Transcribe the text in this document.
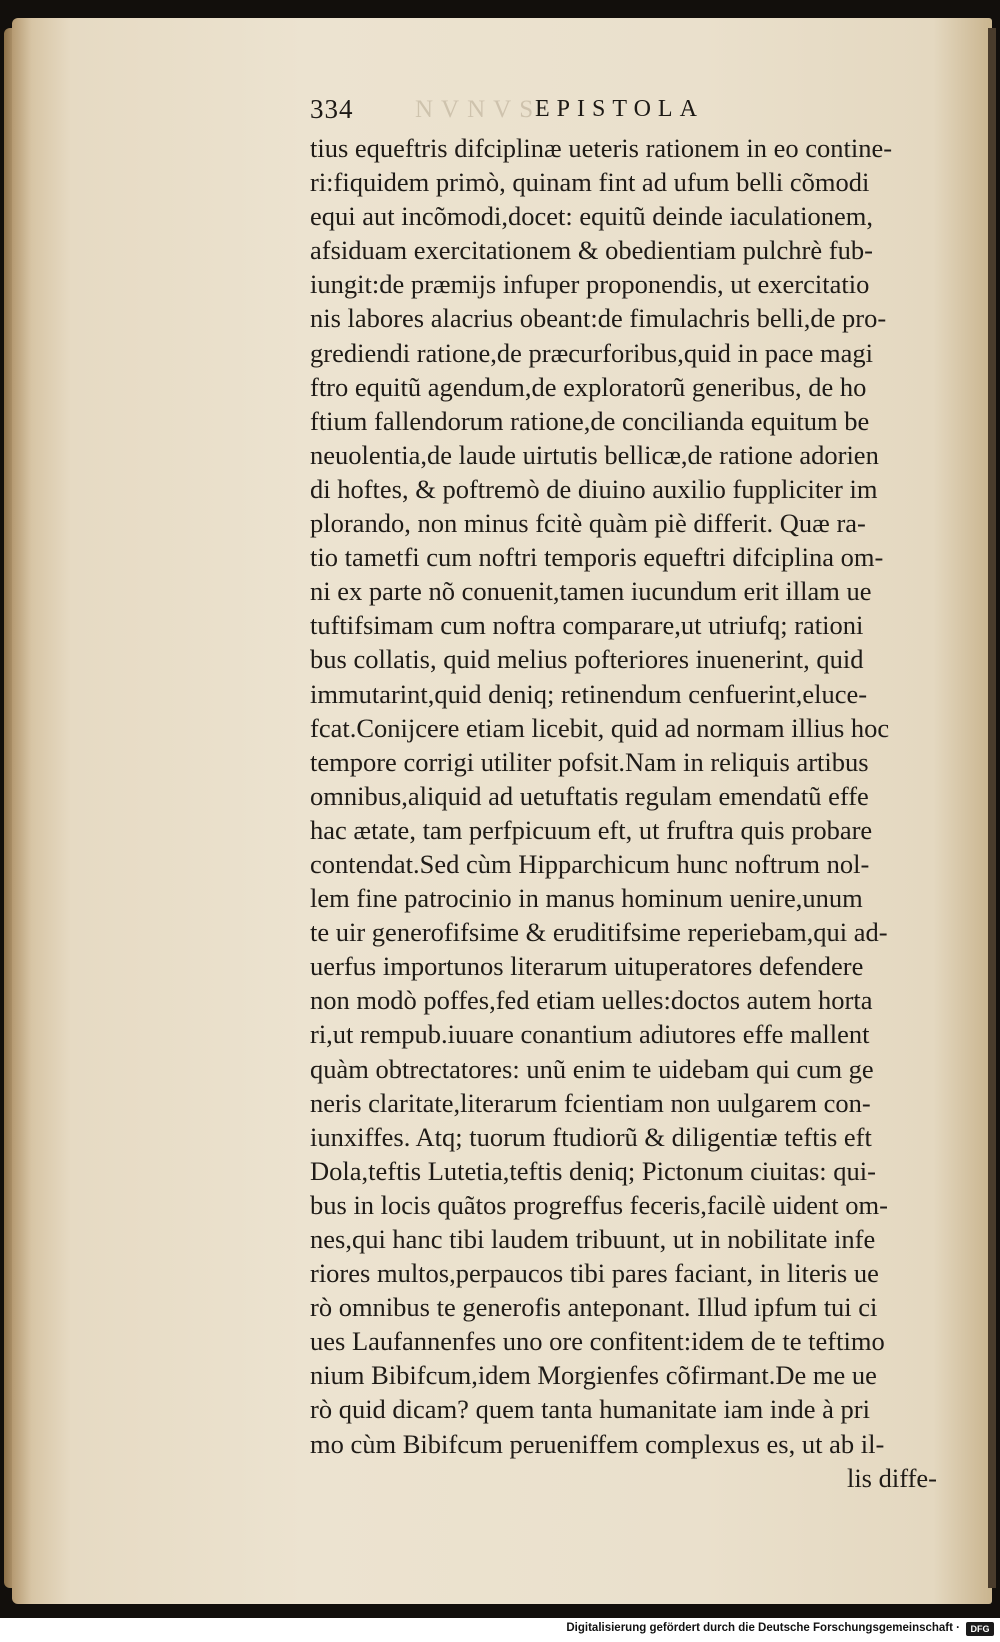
NVNVS
334	EPISTOLA
tius equeftris difciplinæ ueteris rationem in eo contine-
ri:fiquidem primò, quinam fint ad ufum belli cõmodi
equi aut incõmodi,docet: equitũ deinde iaculationem,
afsiduam exercitationem & obedientiam pulchrè fub-
iungit:de præmijs infuper proponendis, ut exercitatio
nis labores alacrius obeant:de fimulachris belli,de pro-
grediendi ratione,de præcurforibus,quid in pace magi
ftro equitũ agendum,de exploratorũ generibus, de ho
ftium fallendorum ratione,de concilianda equitum be
neuolentia,de laude uirtutis bellicæ,de ratione adorien
di hoftes, & poftremò de diuino auxilio fuppliciter im
plorando, non minus fcitè quàm piè differit. Quæ ra-
tio tametfi cum noftri temporis equeftri difciplina om-
ni ex parte nõ conuenit,tamen iucundum erit illam ue
tuftifsimam cum noftra comparare,ut utriufq; rationi
bus collatis, quid melius pofteriores inuenerint, quid
immutarint,quid deniq; retinendum cenfuerint,eluce-
fcat.Conijcere etiam licebit, quid ad normam illius hoc
tempore corrigi utiliter pofsit.Nam in reliquis artibus
omnibus,aliquid ad uetuftatis regulam emendatũ effe
hac ætate, tam perfpicuum eft, ut fruftra quis probare
contendat.Sed cùm Hipparchicum hunc noftrum nol-
lem fine patrocinio in manus hominum uenire,unum
te uir generofifsime & eruditifsime reperiebam,qui ad-
uerfus importunos literarum uituperatores defendere
non modò poffes,fed etiam uelles:doctos autem horta
ri,ut rempub.iuuare conantium adiutores effe mallent
quàm obtrectatores: unũ enim te uidebam qui cum ge
neris claritate,literarum fcientiam non uulgarem con-
iunxiffes. Atq; tuorum ftudiorũ & diligentiæ teftis eft
Dola,teftis Lutetia,teftis deniq; Pictonum ciuitas: qui-
bus in locis quãtos progreffus feceris,facilè uident om-
nes,qui hanc tibi laudem tribuunt, ut in nobilitate infe
riores multos,perpaucos tibi pares faciant, in literis ue
rò omnibus te generofis anteponant. Illud ipfum tui ci
ues Laufannenfes uno ore confitent:idem de te teftimo
nium Bibifcum,idem Morgienfes cõfirmant.De me ue
rò quid dicam? quem tanta humanitate iam inde à pri
mo cùm Bibifcum perueniffem complexus es, ut ab il-
lis diffe-
Digitalisierung gefördert durch die Deutsche Forschungsgemeinschaft ·	DFG
